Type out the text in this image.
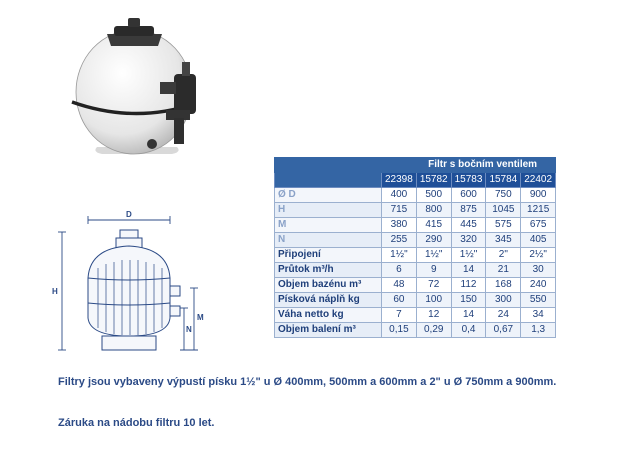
D
H
M
N
	Filtr s bočním ventilem				
	22398	15782	15783	15784	22402
Ø D	400	500	600	750	900
H	715	800	875	1045	1215
M	380	415	445	575	675
N	255	290	320	345	405
Připojení	1½"	1½"	1½"	2"	2½"
Průtok m³/h	6	9	14	21	30
Objem bazénu m³	48	72	112	168	240
Písková náplň kg	60	100	150	300	550
Váha netto kg	7	12	14	24	34
Objem balení m³	0,15	0,29	0,4	0,67	1,3
Filtry jsou vybaveny výpustí písku 1½" u Ø 400mm, 500mm a 600mm a 2" u Ø 750mm a 900mm.
Záruka na nádobu filtru 10 let.
